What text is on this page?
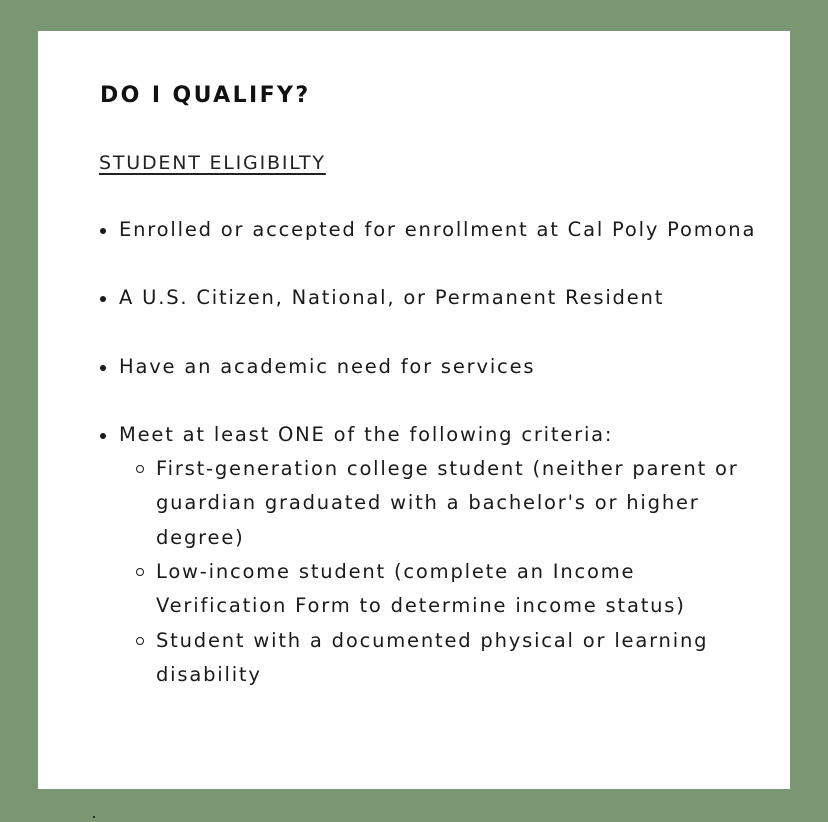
DO I QUALIFY?
STUDENT ELIGIBILTY
Enrolled or accepted for enrollment at Cal Poly Pomona
A U.S. Citizen, National, or Permanent Resident
Have an academic need for services
Meet at least ONE of the following criteria:
First-generation college student (neither parent or guardian graduated with a bachelor's or higher degree)
Low-income student (complete an Income Verification Form to determine income status)
Student with a documented physical or learning disability
